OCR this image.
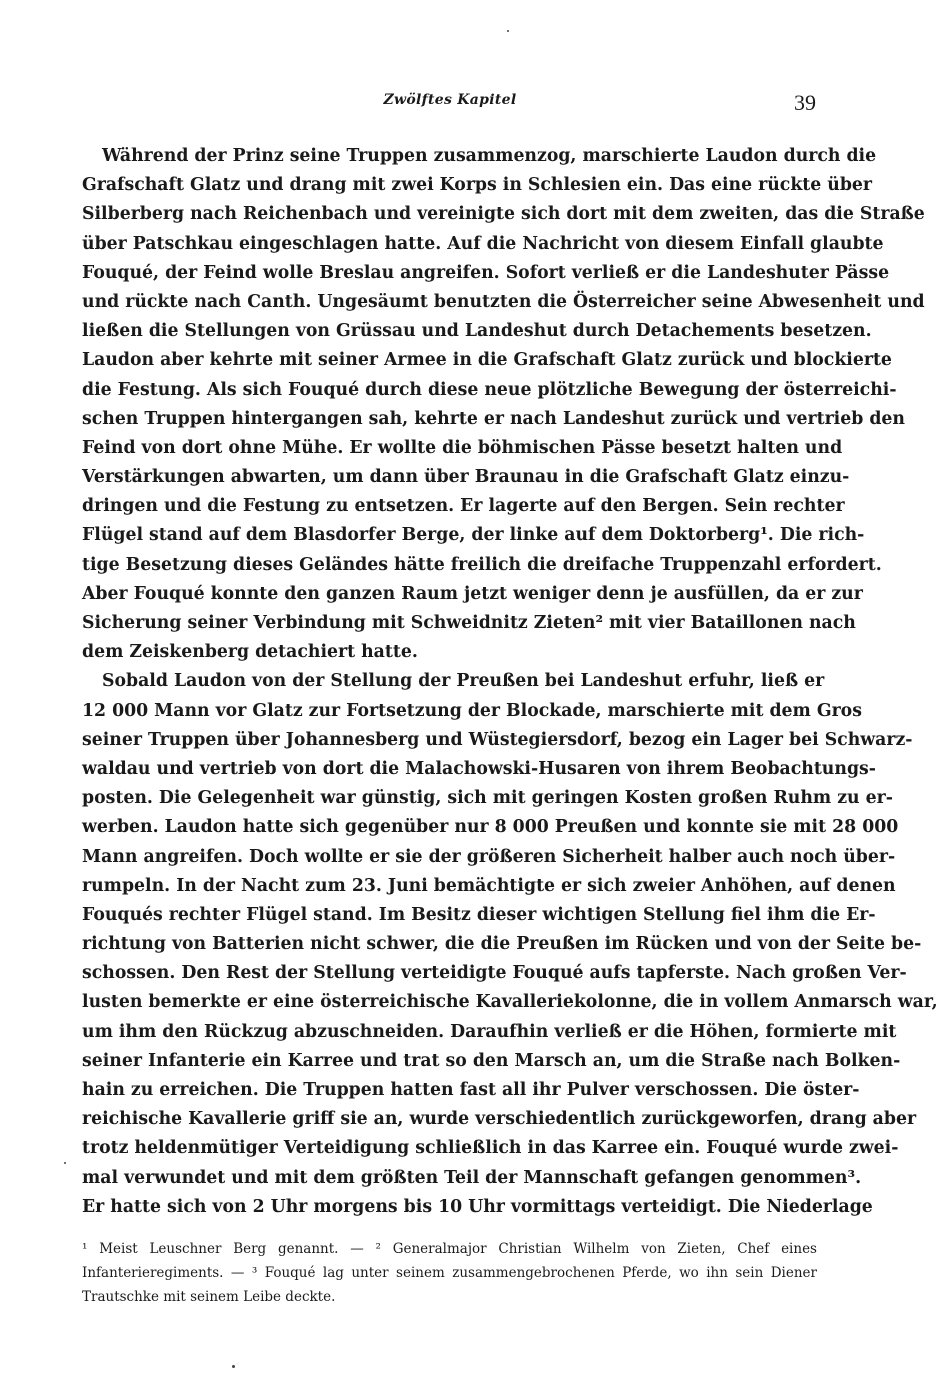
Zwölftes Kapitel	39
Während der Prinz seine Truppen zusammenzog, marschierte Laudon durch die
Grafschaft Glatz und drang mit zwei Korps in Schlesien ein. Das eine rückte über
Silberberg nach Reichenbach und vereinigte sich dort mit dem zweiten, das die Straße
über Patschkau eingeschlagen hatte. Auf die Nachricht von diesem Einfall glaubte
Fouqué, der Feind wolle Breslau angreifen. Sofort verließ er die Landeshuter Pässe
und rückte nach Canth. Ungesäumt benutzten die Österreicher seine Abwesenheit und
ließen die Stellungen von Grüssau und Landeshut durch Detachements besetzen.
Laudon aber kehrte mit seiner Armee in die Grafschaft Glatz zurück und blockierte
die Festung. Als sich Fouqué durch diese neue plötzliche Bewegung der österreichi-
schen Truppen hintergangen sah, kehrte er nach Landeshut zurück und vertrieb den
Feind von dort ohne Mühe. Er wollte die böhmischen Pässe besetzt halten und
Verstärkungen abwarten, um dann über Braunau in die Grafschaft Glatz einzu-
dringen und die Festung zu entsetzen. Er lagerte auf den Bergen. Sein rechter
Flügel stand auf dem Blasdorfer Berge, der linke auf dem Doktorberg¹. Die rich-
tige Besetzung dieses Geländes hätte freilich die dreifache Truppenzahl erfordert.
Aber Fouqué konnte den ganzen Raum jetzt weniger denn je ausfüllen, da er zur
Sicherung seiner Verbindung mit Schweidnitz Zieten² mit vier Bataillonen nach
dem Zeiskenberg detachiert hatte.
Sobald Laudon von der Stellung der Preußen bei Landeshut erfuhr, ließ er
12 000 Mann vor Glatz zur Fortsetzung der Blockade, marschierte mit dem Gros
seiner Truppen über Johannesberg und Wüstegiersdorf, bezog ein Lager bei Schwarz-
waldau und vertrieb von dort die Malachowski-Husaren von ihrem Beobachtungs-
posten. Die Gelegenheit war günstig, sich mit geringen Kosten großen Ruhm zu er-
werben. Laudon hatte sich gegenüber nur 8 000 Preußen und konnte sie mit 28 000
Mann angreifen. Doch wollte er sie der größeren Sicherheit halber auch noch über-
rumpeln. In der Nacht zum 23. Juni bemächtigte er sich zweier Anhöhen, auf denen
Fouqués rechter Flügel stand. Im Besitz dieser wichtigen Stellung fiel ihm die Er-
richtung von Batterien nicht schwer, die die Preußen im Rücken und von der Seite be-
schossen. Den Rest der Stellung verteidigte Fouqué aufs tapferste. Nach großen Ver-
lusten bemerkte er eine österreichische Kavalleriekolonne, die in vollem Anmarsch war,
um ihm den Rückzug abzuschneiden. Daraufhin verließ er die Höhen, formierte mit
seiner Infanterie ein Karree und trat so den Marsch an, um die Straße nach Bolken-
hain zu erreichen. Die Truppen hatten fast all ihr Pulver verschossen. Die öster-
reichische Kavallerie griff sie an, wurde verschiedentlich zurückgeworfen, drang aber
trotz heldenmütiger Verteidigung schließlich in das Karree ein. Fouqué wurde zwei-
mal verwundet und mit dem größten Teil der Mannschaft gefangen genommen³.
Er hatte sich von 2 Uhr morgens bis 10 Uhr vormittags verteidigt. Die Niederlage
¹ Meist Leuschner Berg genannt. — ² Generalmajor Christian Wilhelm von Zieten, Chef eines
Infanterieregiments. — ³ Fouqué lag unter seinem zusammengebrochenen Pferde, wo ihn sein Diener
Trautschke mit seinem Leibe deckte.
